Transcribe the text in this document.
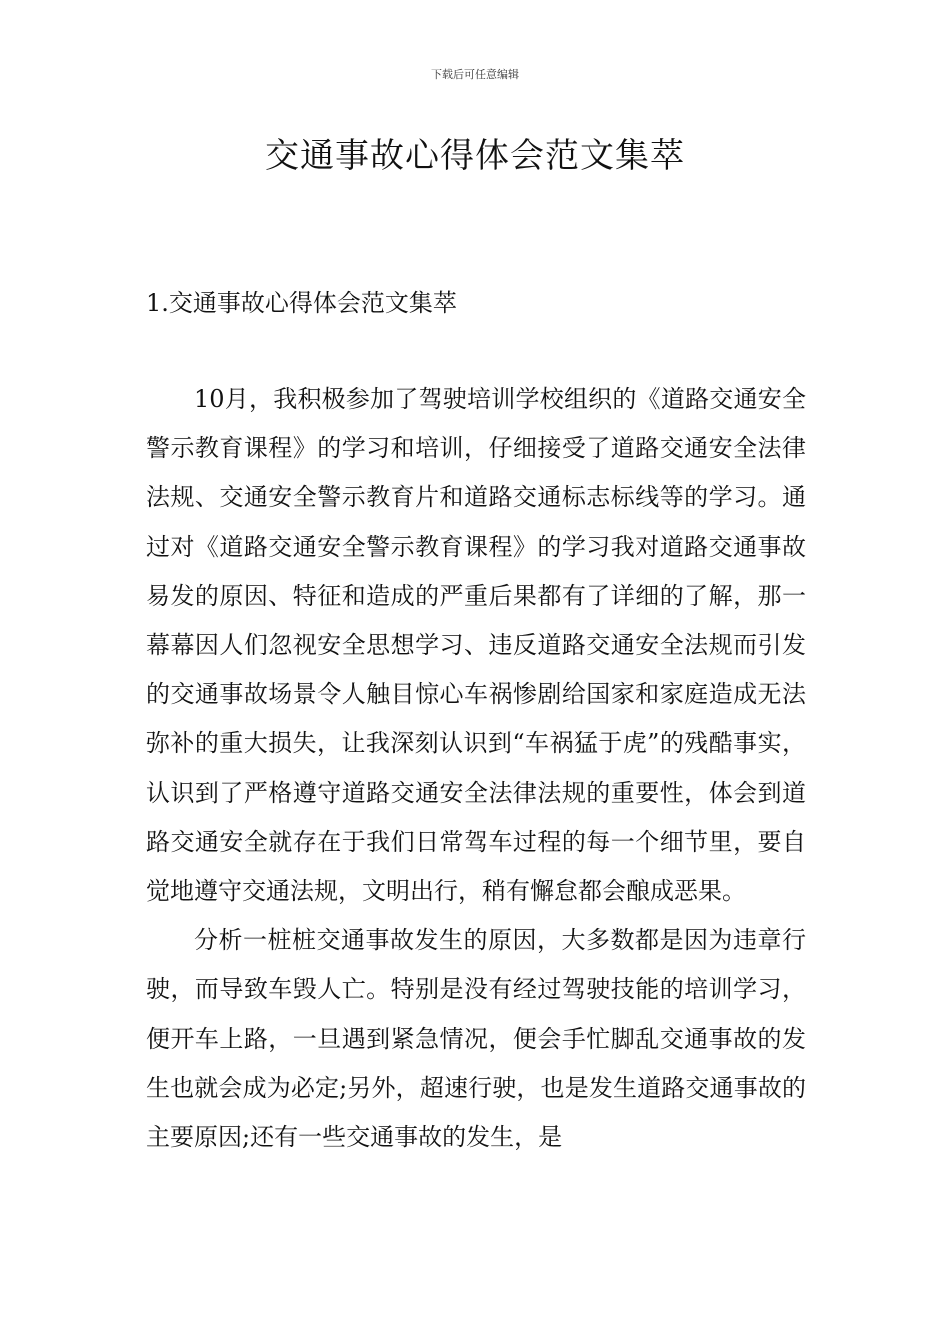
下载后可任意编辑
交通事故心得体会范文集萃
1.交通事故心得体会范文集萃

10月，我积极参加了驾驶培训学校组织的《道路交通安全警示教育课程》的学习和培训，仔细接受了道路交通安全法律法规、交通安全警示教育片和道路交通标志标线等的学习。通过对《道路交通安全警示教育课程》的学习我对道路交通事故易发的原因、特征和造成的严重后果都有了详细的了解，那一幕幕因人们忽视安全思想学习、违反道路交通安全法规而引发的交通事故场景令人触目惊心车祸惨剧给国家和家庭造成无法弥补的重大损失，让我深刻认识到“车祸猛于虎”的残酷事实，认识到了严格遵守道路交通安全法律法规的重要性，体会到道路交通安全就存在于我们日常驾车过程的每一个细节里，要自觉地遵守交通法规，文明出行，稍有懈怠都会酿成恶果。

分析一桩桩交通事故发生的原因，大多数都是因为违章行驶，而导致车毁人亡。特别是没有经过驾驶技能的培训学习，便开车上路，一旦遇到紧急情况，便会手忙脚乱交通事故的发生也就会成为必定;另外，超速行驶，也是发生道路交通事故的主要原因;还有一些交通事故的发生，是
